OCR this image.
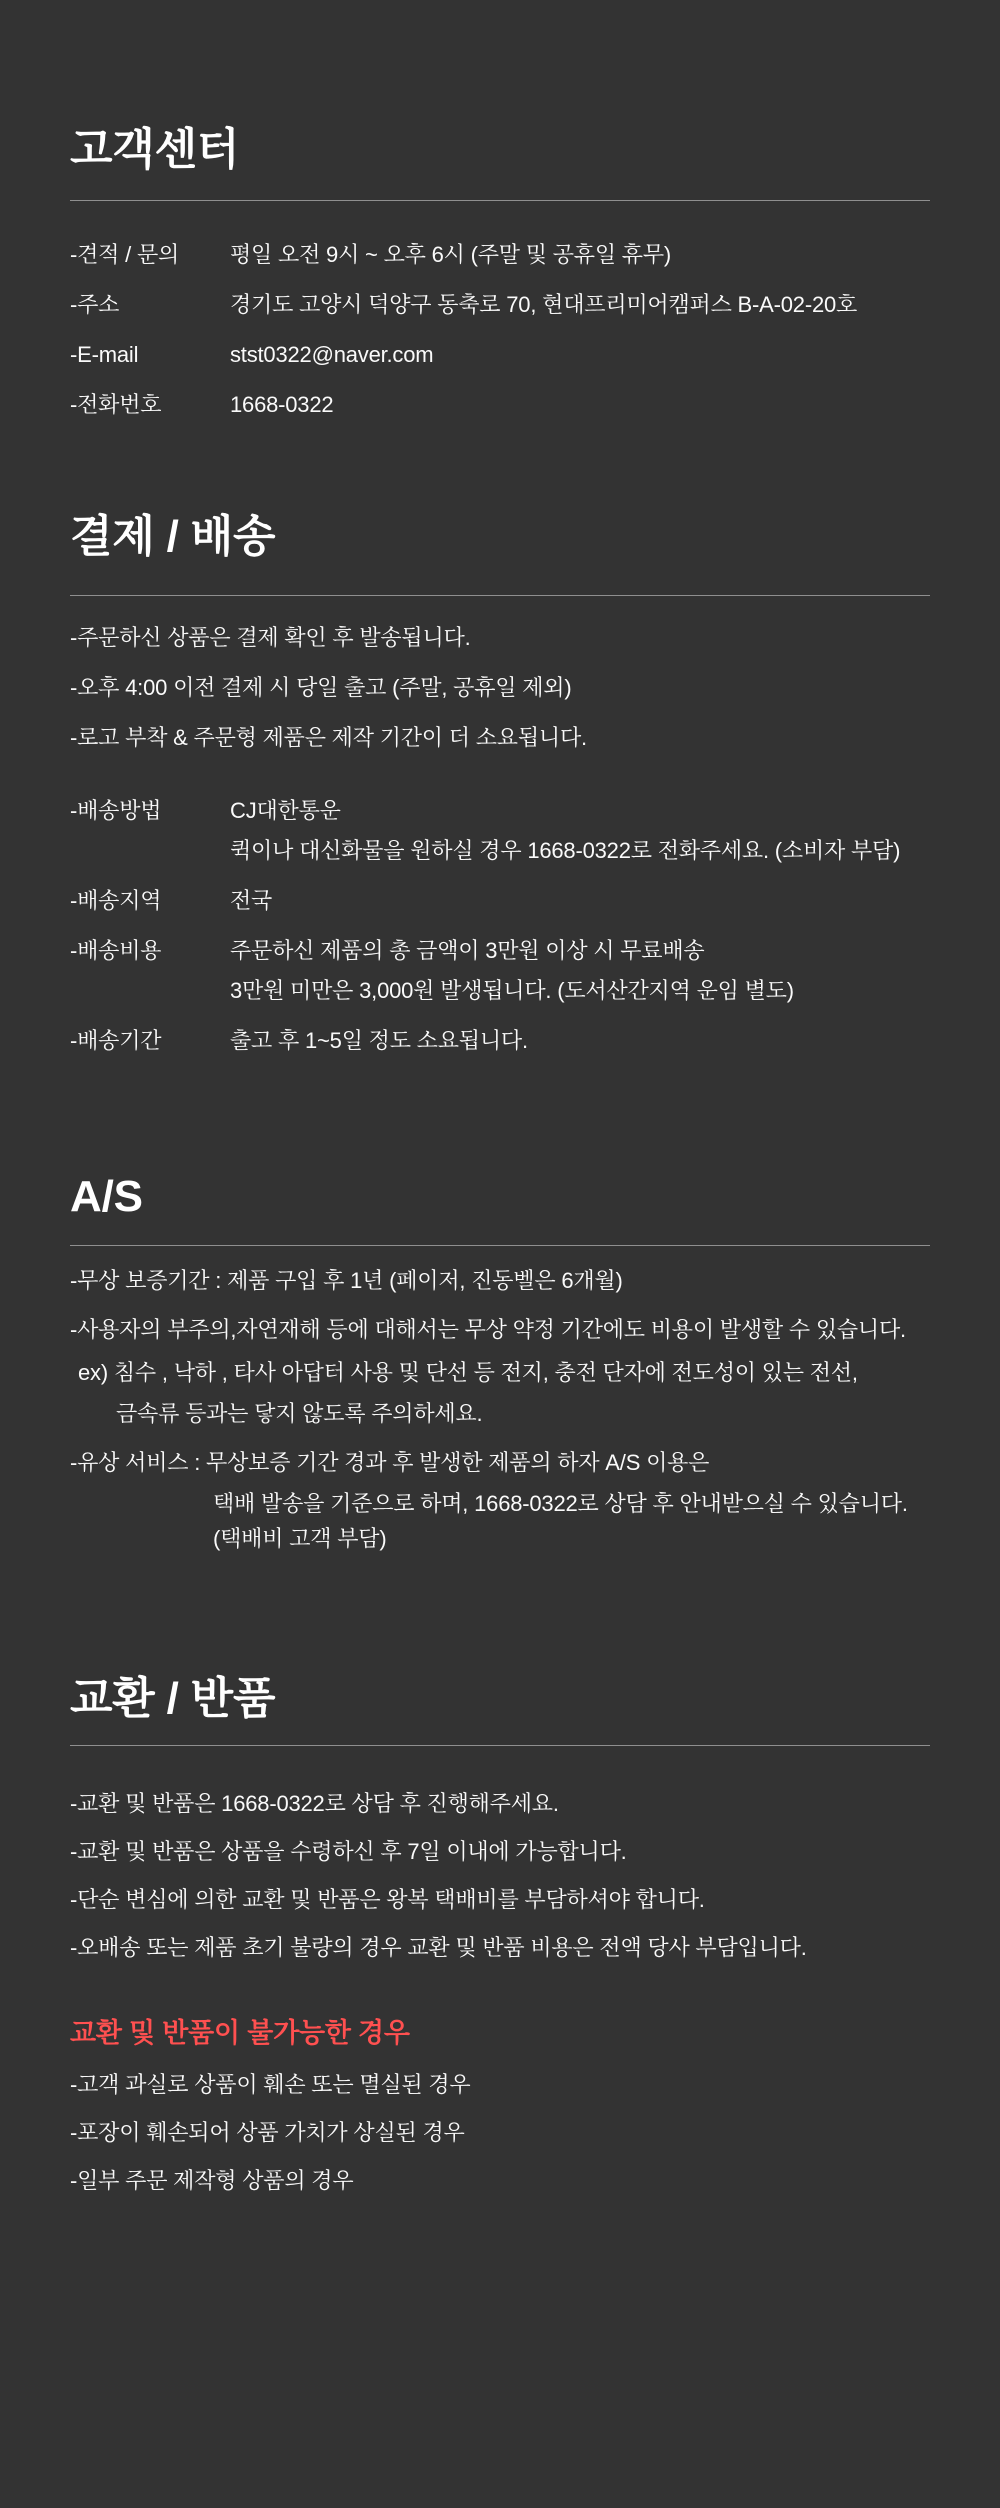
고객센터
-견적 / 문의	평일 오전 9시 ~ 오후 6시 (주말 및 공휴일 휴무)

-주소	경기도 고양시 덕양구 동축로 70, 현대프리미어캠퍼스 B-A-02-20호

-E-mail	stst0322@naver.com

-전화번호	1668-0322

결제 / 배송

-주문하신 상품은 결제 확인 후 발송됩니다.

-오후 4:00 이전 결제 시 당일 출고 (주말, 공휴일 제외)

-로고 부착 & 주문형 제품은 제작 기간이 더 소요됩니다.

-배송방법	CJ대한통운

퀵이나 대신화물을 원하실 경우 1668-0322로 전화주세요. (소비자 부담)

-배송지역	전국

-배송비용	주문하신 제품의 총 금액이 3만원 이상 시 무료배송

3만원 미만은 3,000원 발생됩니다. (도서산간지역 운임 별도)

-배송기간	출고 후 1~5일 정도 소요됩니다.

A/S

-무상 보증기간 : 제품 구입 후 1년 (페이저, 진동벨은 6개월)

-사용자의 부주의,자연재해 등에 대해서는 무상 약정 기간에도 비용이 발생할 수 있습니다.

ex) 침수 , 낙하 , 타사 아답터 사용 및 단선 등 전지, 충전 단자에 전도성이 있는 전선,

금속류 등과는 닿지 않도록 주의하세요.

-유상 서비스 : 무상보증 기간 경과 후 발생한 제품의 하자 A/S 이용은

택배 발송을 기준으로 하며, 1668-0322로 상담 후 안내받으실 수 있습니다.

(택배비 고객 부담)

교환 / 반품

-교환 및 반품은 1668-0322로 상담 후 진행해주세요.

-교환 및 반품은 상품을 수령하신 후 7일 이내에 가능합니다.

-단순 변심에 의한 교환 및 반품은 왕복 택배비를 부담하셔야 합니다.

-오배송 또는 제품 초기 불량의 경우 교환 및 반품 비용은 전액 당사 부담입니다.

교환 및 반품이 불가능한 경우

-고객 과실로 상품이 훼손 또는 멸실된 경우

-포장이 훼손되어 상품 가치가 상실된 경우

-일부 주문 제작형 상품의 경우
